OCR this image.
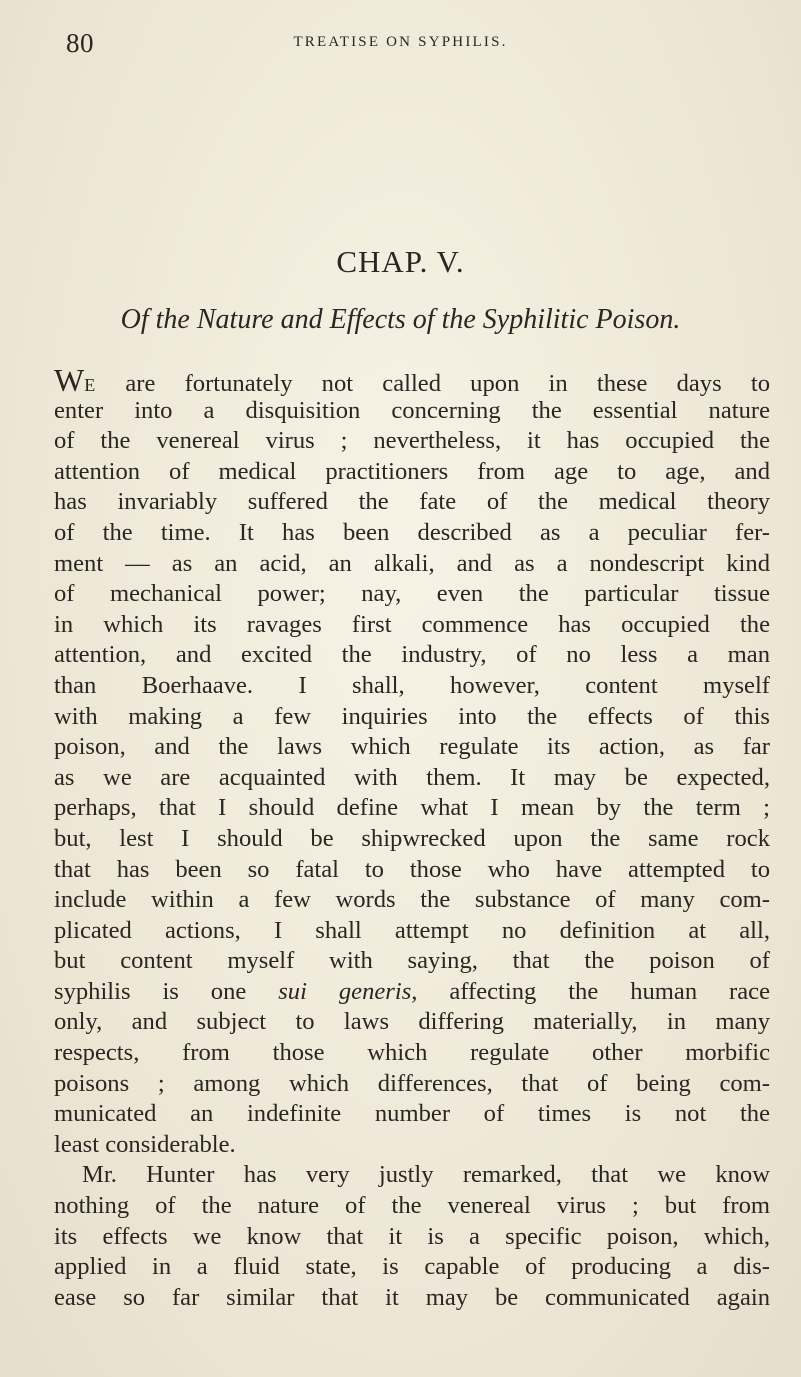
80	TREATISE ON SYPHILIS.
CHAP. V.
Of the Nature and Effects of the Syphilitic Poison.
WE are fortunately not called upon in these days to
enter into a disquisition concerning the essential nature
of the venereal virus ; nevertheless, it has occupied the
attention of medical practitioners from age to age, and
has invariably suffered the fate of the medical theory
of the time. It has been described as a peculiar fer-
ment — as an acid, an alkali, and as a nondescript kind
of mechanical power; nay, even the particular tissue
in which its ravages first commence has occupied the
attention, and excited the industry, of no less a man
than Boerhaave. I shall, however, content myself
with making a few inquiries into the effects of this
poison, and the laws which regulate its action, as far
as we are acquainted with them. It may be expected,
perhaps, that I should define what I mean by the term ;
but, lest I should be shipwrecked upon the same rock
that has been so fatal to those who have attempted to
include within a few words the substance of many com-
plicated actions, I shall attempt no definition at all,
but content myself with saying, that the poison of
syphilis is one sui generis, affecting the human race
only, and subject to laws differing materially, in many
respects, from those which regulate other morbific
poisons ; among which differences, that of being com-
municated an indefinite number of times is not the
least considerable.
Mr. Hunter has very justly remarked, that we know
nothing of the nature of the venereal virus ; but from
its effects we know that it is a specific poison, which,
applied in a fluid state, is capable of producing a dis-
ease so far similar that it may be communicated again
